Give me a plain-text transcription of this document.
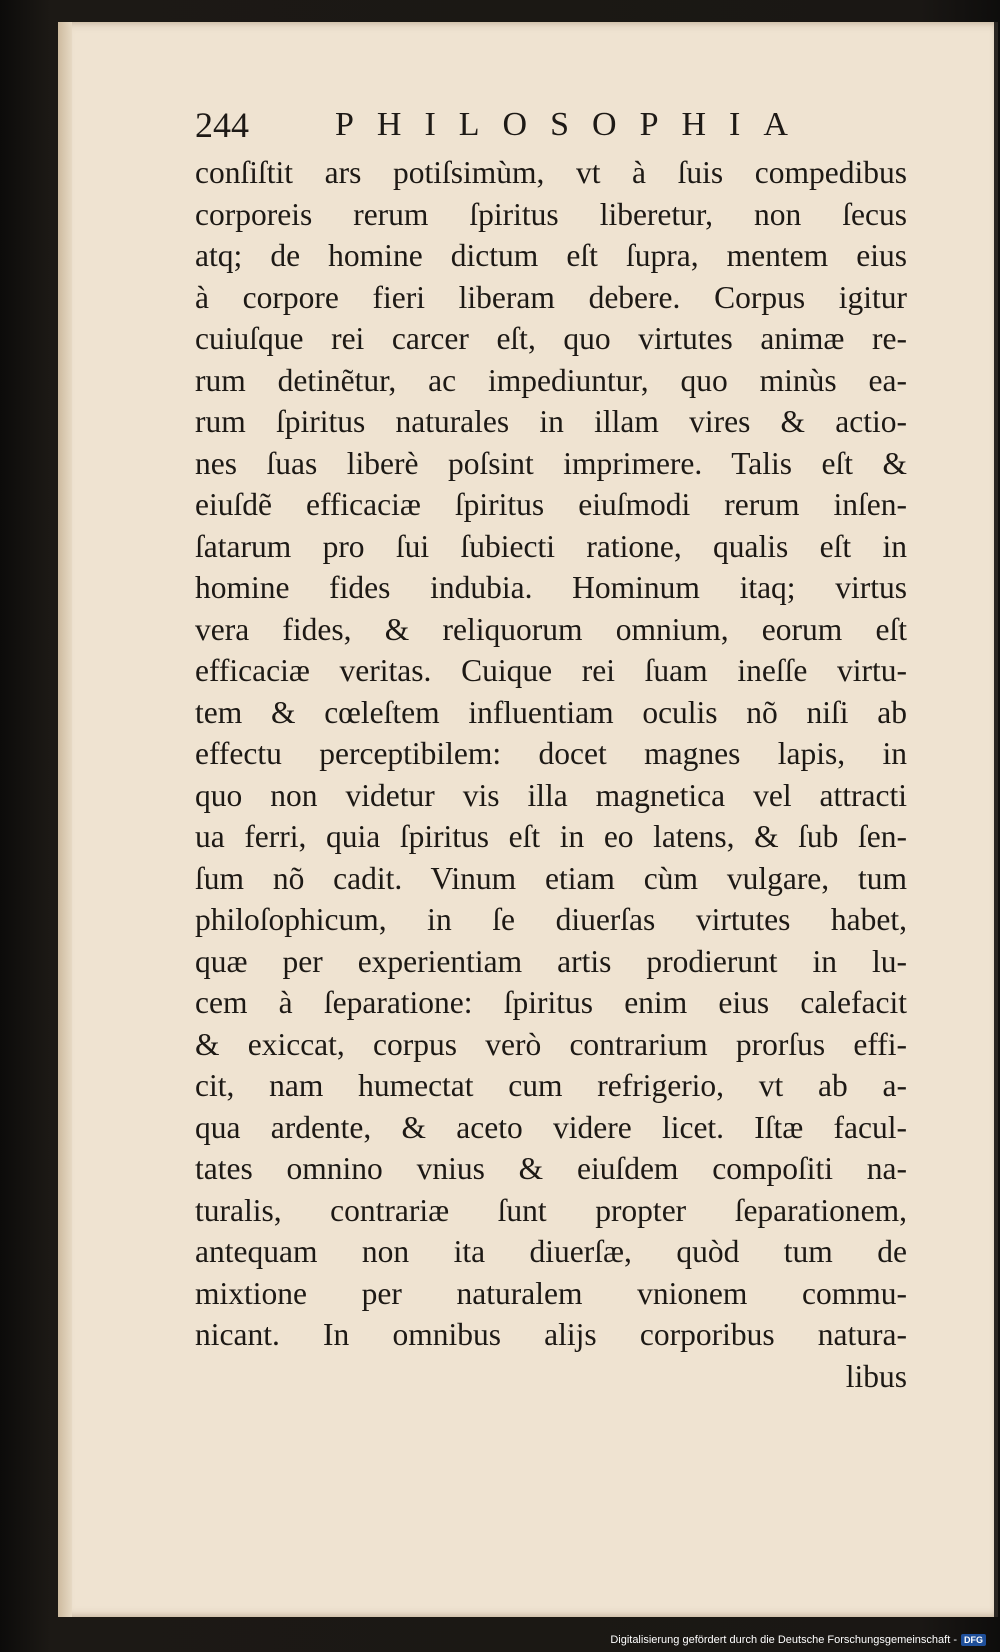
244	PHILOSOPHIA
conſiſtit ars potiſsimùm, vt à ſuis compedibus
corporeis rerum ſpiritus liberetur, non ſecus
atq; de homine dictum eſt ſupra, mentem eius
à corpore fieri liberam debere. Corpus igitur
cuiuſque rei carcer eſt, quo virtutes animæ re-
rum detinẽtur, ac impediuntur, quo minùs ea-
rum ſpiritus naturales in illam vires & actio-
nes ſuas liberè poſsint imprimere. Talis eſt &
eiuſdẽ efficaciæ ſpiritus eiuſmodi rerum inſen-
ſatarum pro ſui ſubiecti ratione, qualis eſt in
homine fides indubia. Hominum itaq; virtus
vera fides, & reliquorum omnium, eorum eſt
efficaciæ veritas. Cuique rei ſuam ineſſe virtu-
tem & cœleſtem influentiam oculis nõ niſi ab
effectu perceptibilem: docet magnes lapis, in
quo non videtur vis illa magnetica vel attracti
ua ferri, quia ſpiritus eſt in eo latens, & ſub ſen-
ſum nõ cadit. Vinum etiam cùm vulgare, tum
philoſophicum, in ſe diuerſas virtutes habet,
quæ per experientiam artis prodierunt in lu-
cem à ſeparatione: ſpiritus enim eius calefacit
& exiccat, corpus verò contrarium prorſus effi-
cit, nam humectat cum refrigerio, vt ab a-
qua ardente, & aceto videre licet. Iſtæ facul-
tates omnino vnius & eiuſdem compoſiti na-
turalis, contrariæ ſunt propter ſeparationem,
antequam non ita diuerſæ, quòd tum de
mixtione per naturalem vnionem commu-
nicant. In omnibus alijs corporibus natura-
libus
Digitalisierung gefördert durch die Deutsche Forschungsgemeinschaft - DFG
